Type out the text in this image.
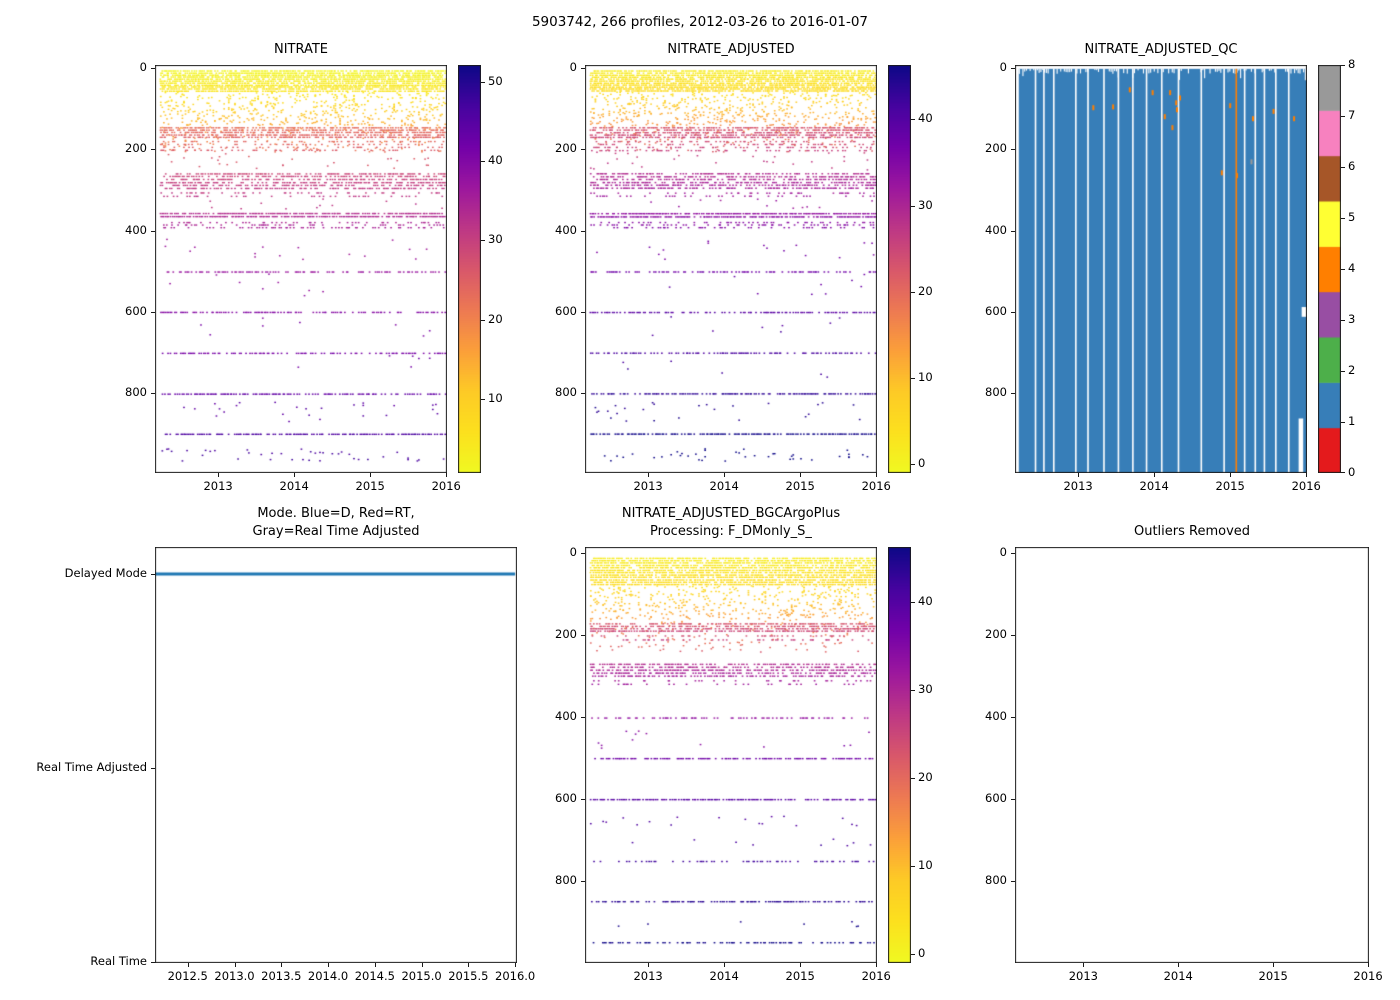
5903742, 266 profiles, 2012-03-26 to 2016-01-07
NITRATE
2013	2014	2015	2016
0
200
400
600
800	10
20
30
40
50
NITRATE_ADJUSTED
2013	2014	2015	2016
0
200
400
600
800
0
10
20
30
40
NITRATE_ADJUSTED_QC
2013	2014	2015	2016
0
200
400
600
800
0
1
2
3
4
5
6
7
8
Mode. Blue=D, Red=RT,
Gray=Real Time Adjusted
2012.5 2013.0 2013.5 2014.0 2014.5 2015.0 2015.5 2016.0
Delayed Mode
Real Time Adjusted
Real Time
NITRATE_ADJUSTED_BGCArgoPlus
Processing: F_DMonly_S_
2013	2014	2015	2016
0
200
400
600
800
0
10
20
30
40
Outliers Removed
2013	2014	2015	2016
0
200
400
600
800
